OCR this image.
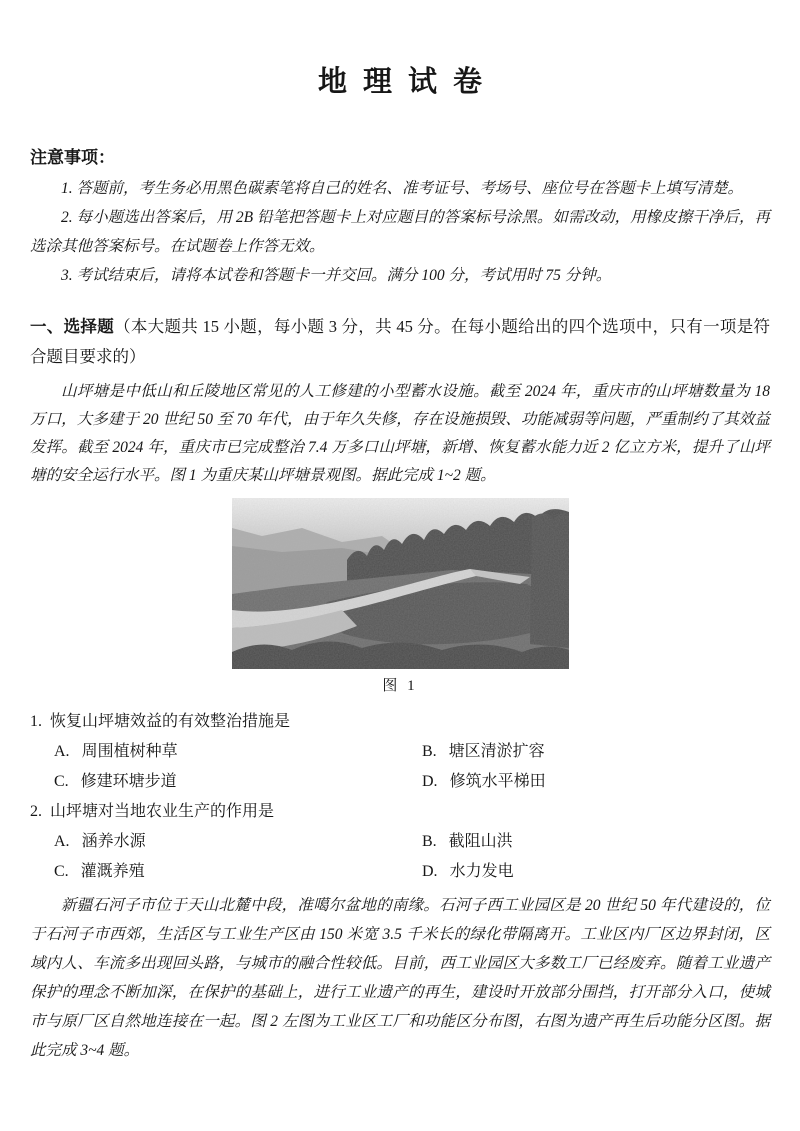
地理试卷

注意事项：

1. 答题前，考生务必用黑色碳素笔将自己的姓名、准考证号、考场号、座位号在答题卡上填写清楚。

2. 每小题选出答案后，用 2B 铅笔把答题卡上对应题目的答案标号涂黑。如需改动，用橡皮擦干净后，再选涂其他答案标号。在试题卷上作答无效。

3. 考试结束后，请将本试卷和答题卡一并交回。满分 100 分，考试用时 75 分钟。

一、选择题（本大题共 15 小题，每小题 3 分，共 45 分。在每小题给出的四个选项中，只有一项是符合题目要求的）

山坪塘是中低山和丘陵地区常见的人工修建的小型蓄水设施。截至 2024 年，重庆市的山坪塘数量为 18 万口，大多建于 20 世纪 50 至 70 年代，由于年久失修，存在设施损毁、功能减弱等问题，严重制约了其效益发挥。截至 2024 年，重庆市已完成整治 7.4 万多口山坪塘，新增、恢复蓄水能力近 2 亿立方米，提升了山坪塘的安全运行水平。图 1 为重庆某山坪塘景观图。据此完成 1~2 题。

图 1

1. 恢复山坪塘效益的有效整治措施是

A. 周围植树种草	B. 塘区清淤扩容
C. 修建环塘步道	D. 修筑水平梯田

2. 山坪塘对当地农业生产的作用是

A. 涵养水源	B. 截阻山洪
C. 灌溉养殖	D. 水力发电

新疆石河子市位于天山北麓中段，准噶尔盆地的南缘。石河子西工业园区是 20 世纪 50 年代建设的，位于石河子市西郊，生活区与工业生产区由 150 米宽 3.5 千米长的绿化带隔离开。工业区内厂区边界封闭，区域内人、车流多出现回头路，与城市的融合性较低。目前，西工业园区大多数工厂已经废弃。随着工业遗产保护的理念不断加深，在保护的基础上，进行工业遗产的再生，建设时开放部分围挡，打开部分入口，使城市与原厂区自然地连接在一起。图 2 左图为工业区工厂和功能区分布图，右图为遗产再生后功能分区图。据此完成 3~4 题。
